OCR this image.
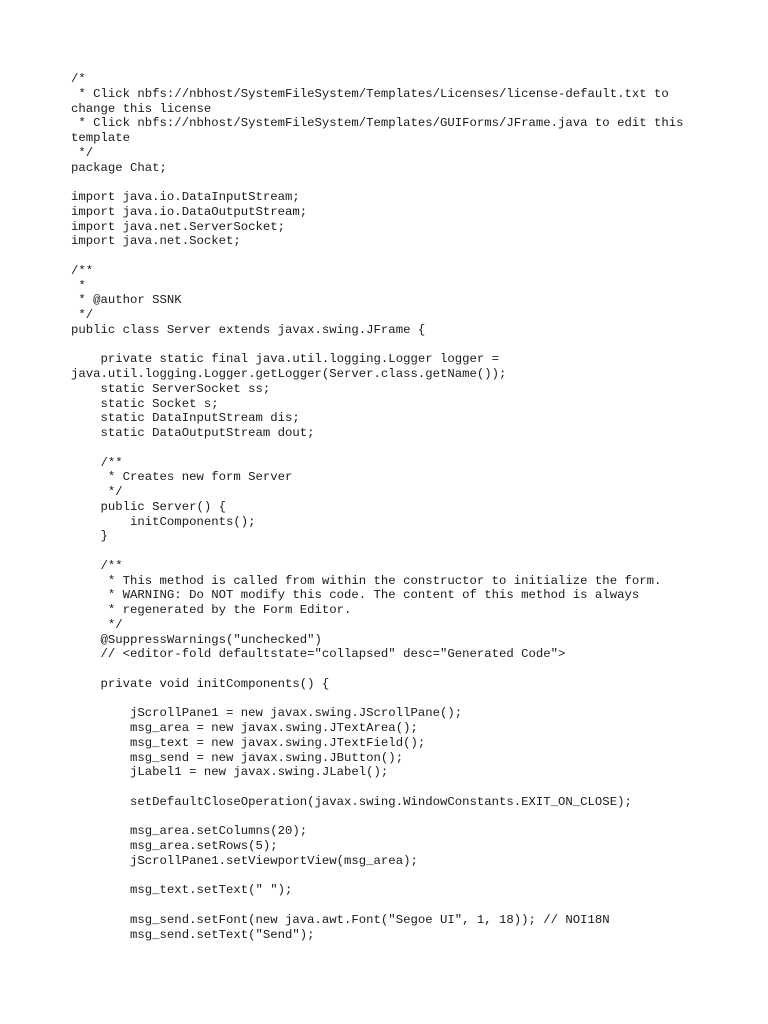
/*
* Click nbfs://nbhost/SystemFileSystem/Templates/Licenses/license-default.txt to
change this license
* Click nbfs://nbhost/SystemFileSystem/Templates/GUIForms/JFrame.java to edit this
template
*/
package Chat;
import java.io.DataInputStream;
import java.io.DataOutputStream;
import java.net.ServerSocket;
import java.net.Socket;
/**
*
* @author SSNK
*/
public class Server extends javax.swing.JFrame {
private static final java.util.logging.Logger logger =
java.util.logging.Logger.getLogger(Server.class.getName());
static ServerSocket ss;
static Socket s;
static DataInputStream dis;
static DataOutputStream dout;
/**
* Creates new form Server
*/
public Server() {
initComponents();
}
/**
* This method is called from within the constructor to initialize the form.
* WARNING: Do NOT modify this code. The content of this method is always
* regenerated by the Form Editor.
*/
@SuppressWarnings("unchecked")
// <editor-fold defaultstate="collapsed" desc="Generated Code">
private void initComponents() {
jScrollPane1 = new javax.swing.JScrollPane();
msg_area = new javax.swing.JTextArea();
msg_text = new javax.swing.JTextField();
msg_send = new javax.swing.JButton();
jLabel1 = new javax.swing.JLabel();
setDefaultCloseOperation(javax.swing.WindowConstants.EXIT_ON_CLOSE);
msg_area.setColumns(20);
msg_area.setRows(5);
jScrollPane1.setViewportView(msg_area);
msg_text.setText(" ");
msg_send.setFont(new java.awt.Font("Segoe UI", 1, 18)); // NOI18N
msg_send.setText("Send");
